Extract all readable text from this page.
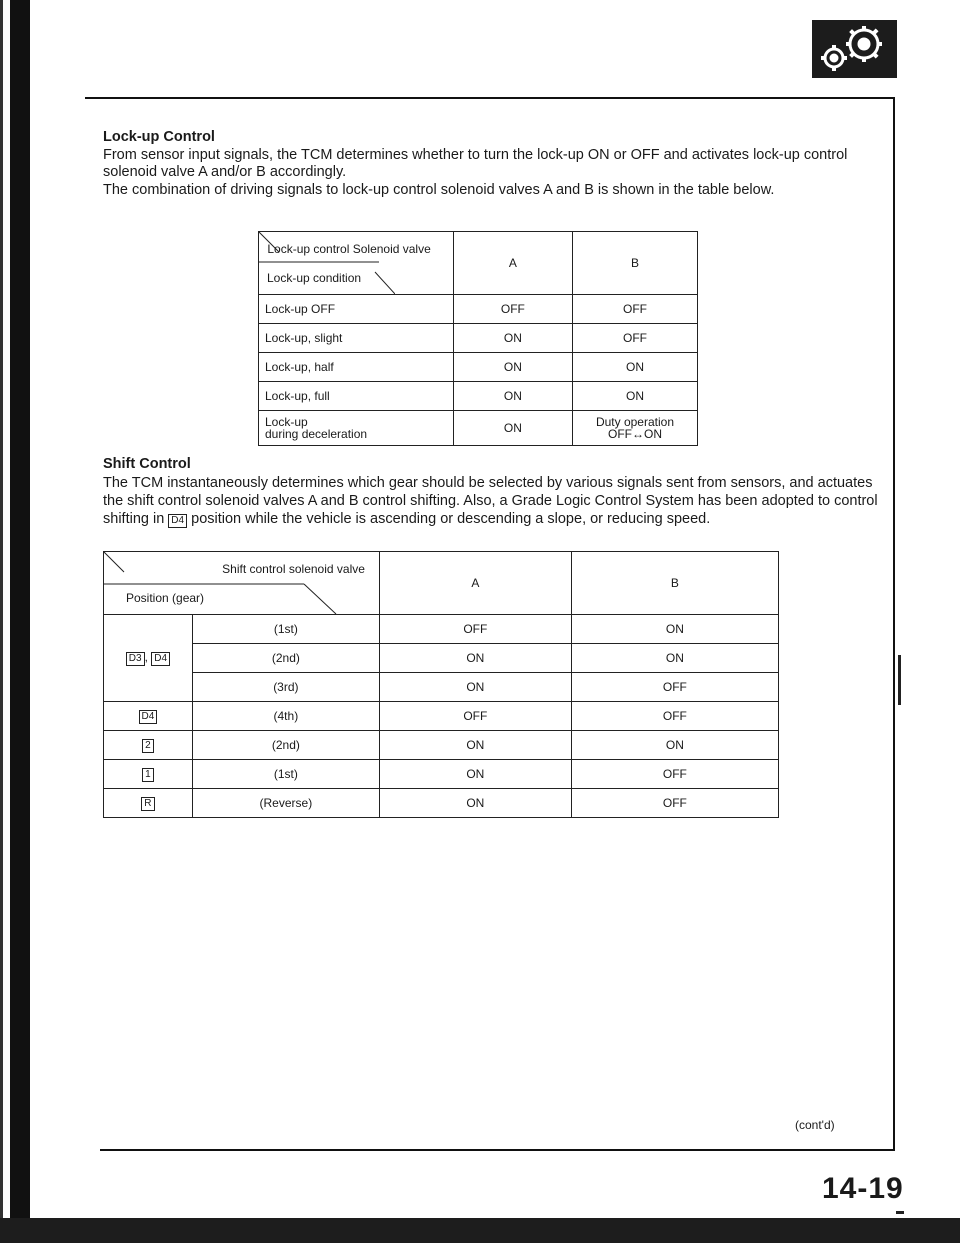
Lock-up Control
From sensor input signals, the TCM determines whether to turn the lock-up ON or OFF and activates lock-up control solenoid valve A and/or B accordingly.
The combination of driving signals to lock-up control solenoid valves A and B is shown in the table below.
Lock-up control Solenoid valve
Lock-up condition	A	B
Lock-up OFF	OFF	OFF
Lock-up, slight	ON	OFF
Lock-up, half	ON	ON
Lock-up, full	ON	ON
Lock-up
during deceleration	ON	Duty operation
OFF↔ON
Shift Control
The TCM instantaneously determines which gear should be selected by various signals sent from sensors, and actuates the shift control solenoid valves A and B control shifting. Also, a Grade Logic Control System has been adopted to control shifting in D4 position while the vehicle is ascending or descending a slope, or reducing speed.
Shift control solenoid valve
Position (gear)		A	B
D3 , D4	(1st)	OFF	ON
	(2nd)	ON	ON
	(3rd)	ON	OFF
D4	(4th)	OFF	OFF
2	(2nd)	ON	ON
1	(1st)	ON	OFF
R	(Reverse)	ON	OFF
(cont'd)
14-19
